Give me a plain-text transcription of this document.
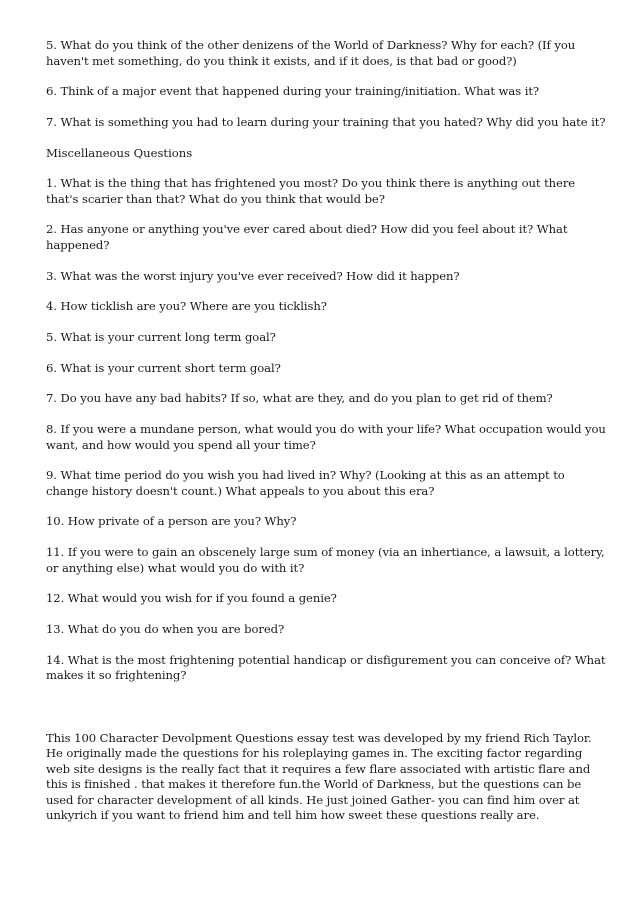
5. What do you think of the other denizens of the World of Darkness? Why for each? (If you haven't met something, do you think it exists, and if it does, is that bad or good?)

6. Think of a major event that happened during your training/initiation. What was it?

7. What is something you had to learn during your training that you hated? Why did you hate it?

Miscellaneous Questions

1. What is the thing that has frightened you most? Do you think there is anything out there that's scarier than that? What do you think that would be?

2. Has anyone or anything you've ever cared about died? How did you feel about it? What happened?

3. What was the worst injury you've ever received? How did it happen?

4. How ticklish are you? Where are you ticklish?

5. What is your current long term goal?

6. What is your current short term goal?

7. Do you have any bad habits? If so, what are they, and do you plan to get rid of them?

8. If you were a mundane person, what would you do with your life? What occupation would you want, and how would you spend all your time?

9. What time period do you wish you had lived in? Why? (Looking at this as an attempt to change history doesn't count.) What appeals to you about this era?

10. How private of a person are you? Why?

11. If you were to gain an obscenely large sum of money (via an inhertiance, a lawsuit, a lottery, or anything else) what would you do with it?

12. What would you wish for if you found a genie?

13. What do you do when you are bored?

14. What is the most frightening potential handicap or disfigurement you can conceive of? What makes it so frightening?

This 100 Character Devolpment Questions essay test was developed by my friend Rich Taylor. He originally made the questions for his roleplaying games in. The exciting factor regarding web site designs is the really fact that it requires a few flare associated with artistic flare and this is finished . that makes it therefore fun.the World of Darkness, but the questions can be used for character development of all kinds. He just joined Gather- you can find him over at unkyrich if you want to friend him and tell him how sweet these questions really are.
